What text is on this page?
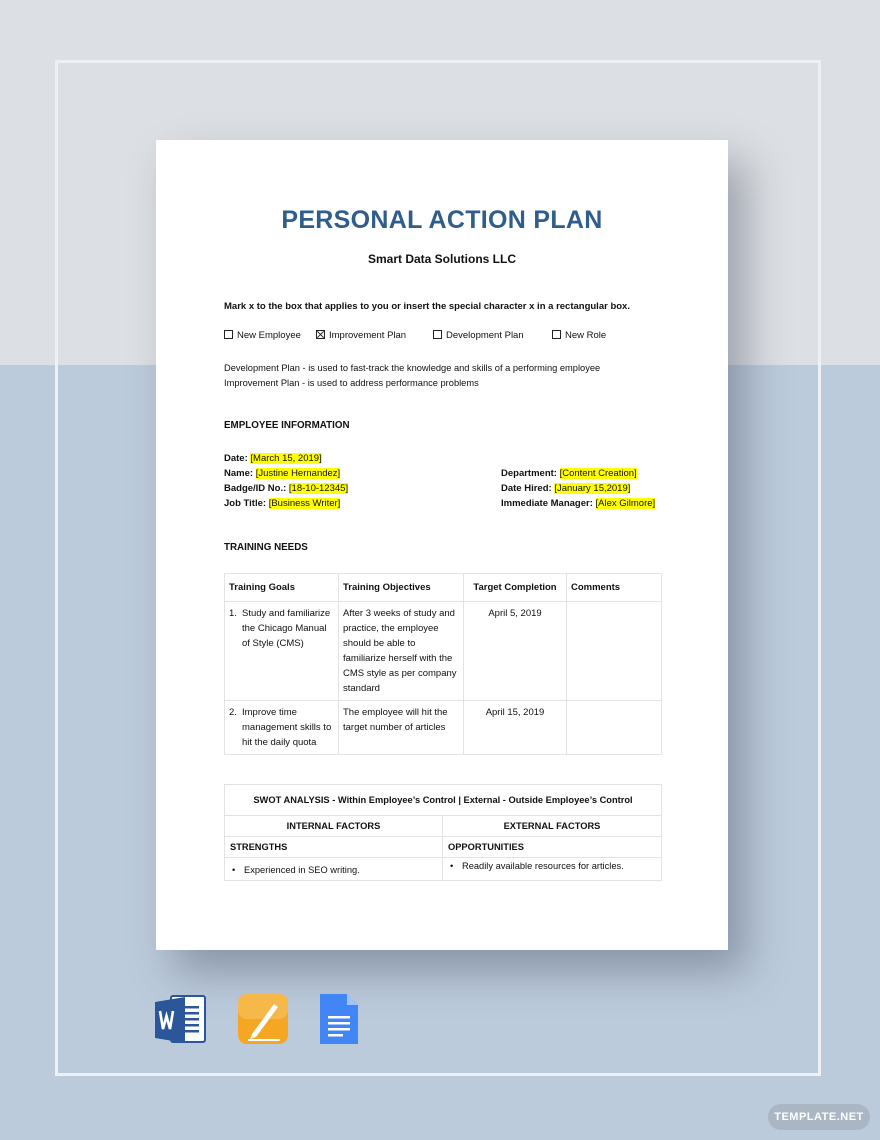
PERSONAL ACTION PLAN
Smart Data Solutions LLC
Mark x to the box that applies to you or insert the special character x in a rectangular box.
New Employee	Improvement Plan	Development Plan	New Role
Development Plan - is used to fast-track the knowledge and skills of a performing employee
Improvement Plan - is used to address performance problems
EMPLOYEE INFORMATION
Date: [March 15, 2019]
Name: [Justine Hernandez]
Badge/ID No.: [18-10-12345]
Job Title: [Business Writer]
Department: [Content Creation]
Date Hired: [January 15,2019]
Immediate Manager: [Alex Gilmore]
TRAINING NEEDS
Training Goals	Training Objectives	Target Completion	Comments

1. Study and familiarize the Chicago Manual of Style (CMS)	After 3 weeks of study and practice, the employee should be able to familiarize herself with the CMS style as per company standard	April 5, 2019	

2. Improve time management skills to hit the daily quota	The employee will hit the target number of articles	April 15, 2019	
SWOT ANALYSIS - Within Employee’s Control | External - Outside Employee’s Control	
INTERNAL FACTORS	EXTERNAL FACTORS
STRENGTHS	OPPORTUNITIES
• Experienced in SEO writing.	• Readily available resources for articles.
TEMPLATE.NET
